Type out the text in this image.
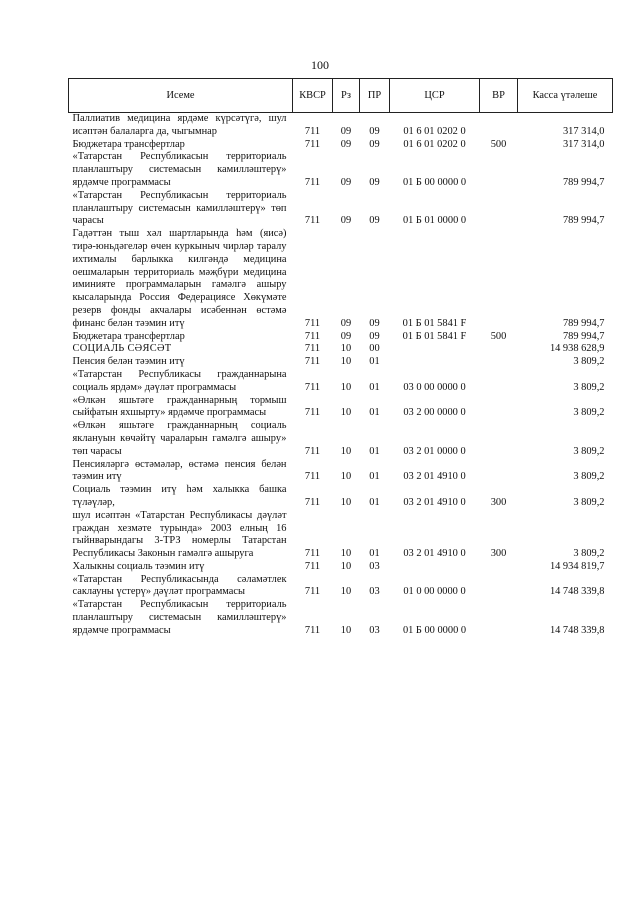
100
Исеме	КВСР	Рз	ПР	ЦСР	ВР	Касса үтәлеше
Паллиатив медицина ярдәме күрсәтүгә, шул исәптән балаларга да, чыгымнар	711	09	09	01 6 01 0202 0		317 314,0
Бюджетара трансфертлар	711	09	09	01 6 01 0202 0	500	317 314,0
«Татарстан Республикасын территориаль планлаштыру системасын камилләштерү» ярдәмче программасы	711	09	09	01 Б 00 0000 0		789 994,7
«Татарстан Республикасын территориаль планлаштыру системасын камилләштерү» төп чарасы	711	09	09	01 Б 01 0000 0		789 994,7
Гадәттән тыш хәл шартларында һәм (яисә) тирә-юньдәгеләр өчен куркыныч чирләр таралу ихтималы барлыкка килгәндә медицина оешмаларын территориаль мәҗбүри медицина иминияте программаларын гамәлгә ашыру кысаларында Россия Федерациясе Хөкүмәте резерв фонды акчалары исәбеннән өстәмә финанс белән тәэмин итү	711	09	09	01 Б 01 5841 F		789 994,7
Бюджетара трансфертлар	711	09	09	01 Б 01 5841 F	500	789 994,7
СОЦИАЛЬ СӘЯСӘТ	711	10	00			14 938 628,9
Пенсия белән тәэмин итү	711	10	01			3 809,2
«Татарстан Республикасы гражданнарына социаль ярдәм» дәүләт программасы	711	10	01	03 0 00 0000 0		3 809,2
«Өлкән яшьтәге гражданнарның тормыш сыйфатын яхшырту» ярдәмче программасы	711	10	01	03 2 00 0000 0		3 809,2
«Өлкән яшьтәге гражданнарның социаль яклануын көчәйтү чараларын гамәлгә ашыру» төп чарасы	711	10	01	03 2 01 0000 0		3 809,2
Пенсияләргә өстәмәләр, өстәмә пенсия белән тәэмин итү	711	10	01	03 2 01 4910 0		3 809,2
Социаль тәэмин итү һәм халыкка башка түләүләр,	711	10	01	03 2 01 4910 0	300	3 809,2
шул исәптән «Татарстан Республикасы дәүләт граждан хезмәте турында» 2003 елның 16 гыйнварындагы 3-ТРЗ номерлы Татарстан Республикасы Законын гамәлгә ашыруга	711	10	01	03 2 01 4910 0	300	3 809,2
Халыкны социаль тәэмин итү	711	10	03			14 934 819,7
«Татарстан Республикасында сәламәтлек саклауны үстерү» дәүләт программасы	711	10	03	01 0 00 0000 0		14 748 339,8
«Татарстан Республикасын территориаль планлаштыру системасын камилләштерү» ярдәмче программасы	711	10	03	01 Б 00 0000 0		14 748 339,8
